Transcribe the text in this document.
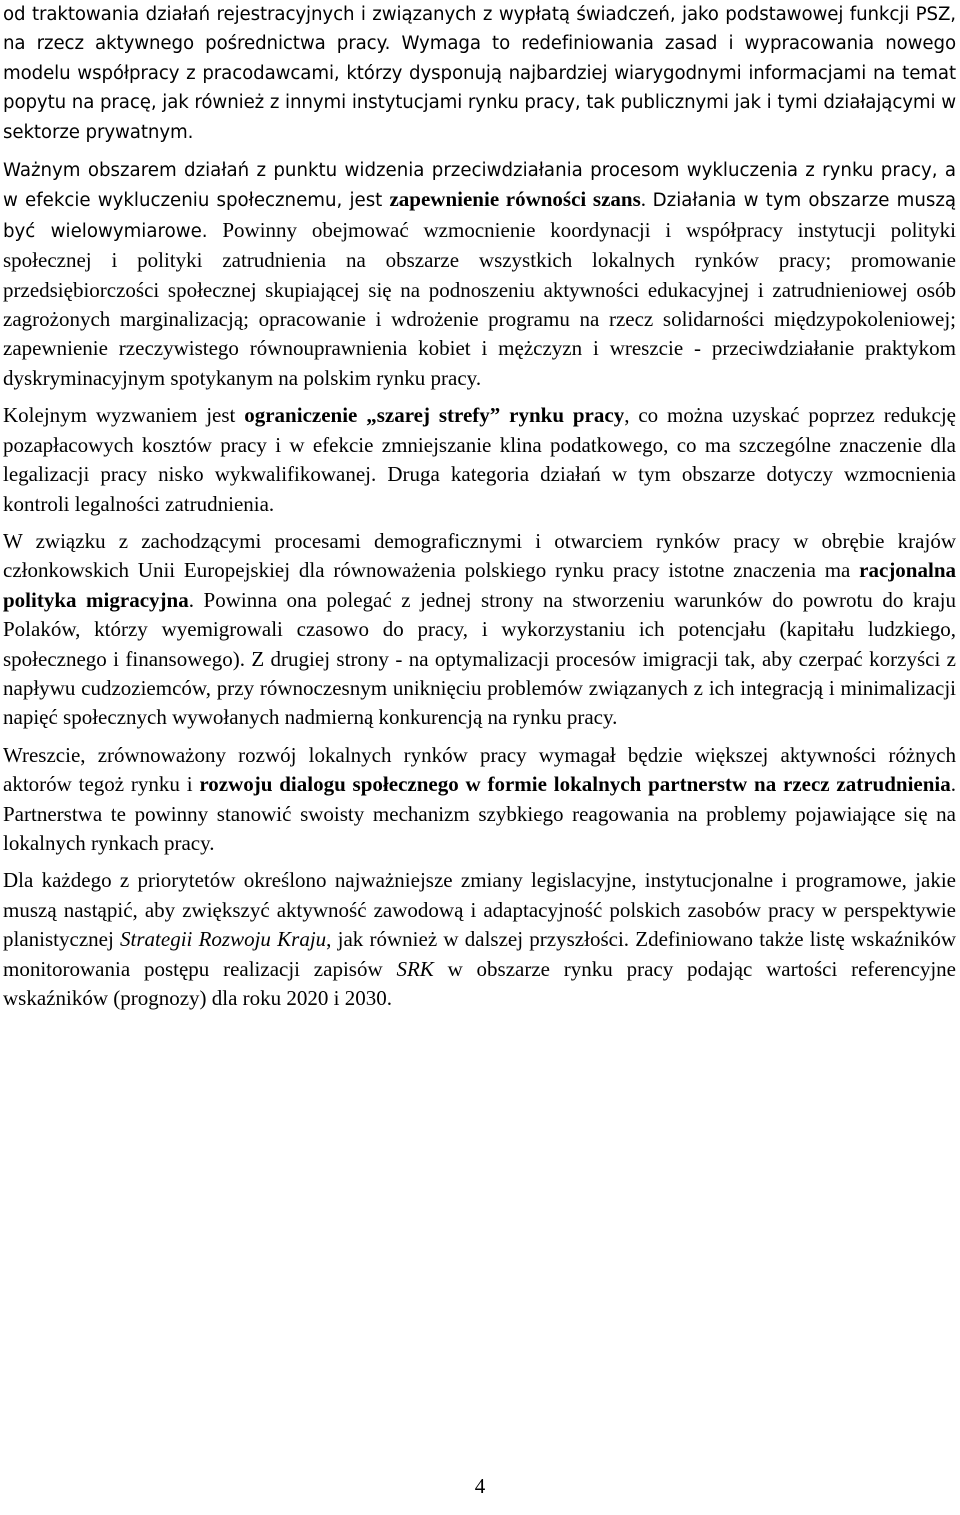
od traktowania działań rejestracyjnych i związanych z wypłatą świadczeń, jako podstawowej funkcji PSZ, na rzecz aktywnego pośrednictwa pracy. Wymaga to redefiniowania zasad i wypracowania nowego modelu współpracy z pracodawcami, którzy dysponują najbardziej wiarygodnymi informacjami na temat popytu na pracę, jak również z innymi instytucjami rynku pracy, tak publicznymi jak i tymi działającymi w sektorze prywatnym.

Ważnym obszarem działań z punktu widzenia przeciwdziałania procesom wykluczenia z rynku pracy, a w efekcie wykluczeniu społecznemu, jest zapewnienie równości szans. Działania w tym obszarze muszą być wielowymiarowe. Powinny obejmować wzmocnienie koordynacji i współpracy instytucji polityki społecznej i polityki zatrudnienia na obszarze wszystkich lokalnych rynków pracy; promowanie przedsiębiorczości społecznej skupiającej się na podnoszeniu aktywności edukacyjnej i zatrudnieniowej osób zagrożonych marginalizacją; opracowanie i wdrożenie programu na rzecz solidarności międzypokoleniowej; zapewnienie rzeczywistego równouprawnienia kobiet i mężczyzn i wreszcie - przeciwdziałanie praktykom dyskryminacyjnym spotykanym na polskim rynku pracy.

Kolejnym wyzwaniem jest ograniczenie „szarej strefy” rynku pracy, co można uzyskać poprzez redukcję pozapłacowych kosztów pracy i w efekcie zmniejszanie klina podatkowego, co ma szczególne znaczenie dla legalizacji pracy nisko wykwalifikowanej. Druga kategoria działań w tym obszarze dotyczy wzmocnienia kontroli legalności zatrudnienia.

W związku z zachodzącymi procesami demograficznymi i otwarciem rynków pracy w obrębie krajów członkowskich Unii Europejskiej dla równoważenia polskiego rynku pracy istotne znaczenia ma racjonalna polityka migracyjna. Powinna ona polegać z jednej strony na stworzeniu warunków do powrotu do kraju Polaków, którzy wyemigrowali czasowo do pracy, i wykorzystaniu ich potencjału (kapitału ludzkiego, społecznego i finansowego). Z drugiej strony - na optymalizacji procesów imigracji tak, aby czerpać korzyści z napływu cudzoziemców, przy równoczesnym uniknięciu problemów związanych z ich integracją i minimalizacji napięć społecznych wywołanych nadmierną konkurencją na rynku pracy.

Wreszcie, zrównoważony rozwój lokalnych rynków pracy wymagał będzie większej aktywności różnych aktorów tegoż rynku i rozwoju dialogu społecznego w formie lokalnych partnerstw na rzecz zatrudnienia. Partnerstwa te powinny stanowić swoisty mechanizm szybkiego reagowania na problemy pojawiające się na lokalnych rynkach pracy.

Dla każdego z priorytetów określono najważniejsze zmiany legislacyjne, instytucjonalne i programowe, jakie muszą nastąpić, aby zwiększyć aktywność zawodową i adaptacyjność polskich zasobów pracy w perspektywie planistycznej Strategii Rozwoju Kraju, jak również w dalszej przyszłości. Zdefiniowano także listę wskaźników monitorowania postępu realizacji zapisów SRK w obszarze rynku pracy podając wartości referencyjne wskaźników (prognozy) dla roku 2020 i 2030.

4
